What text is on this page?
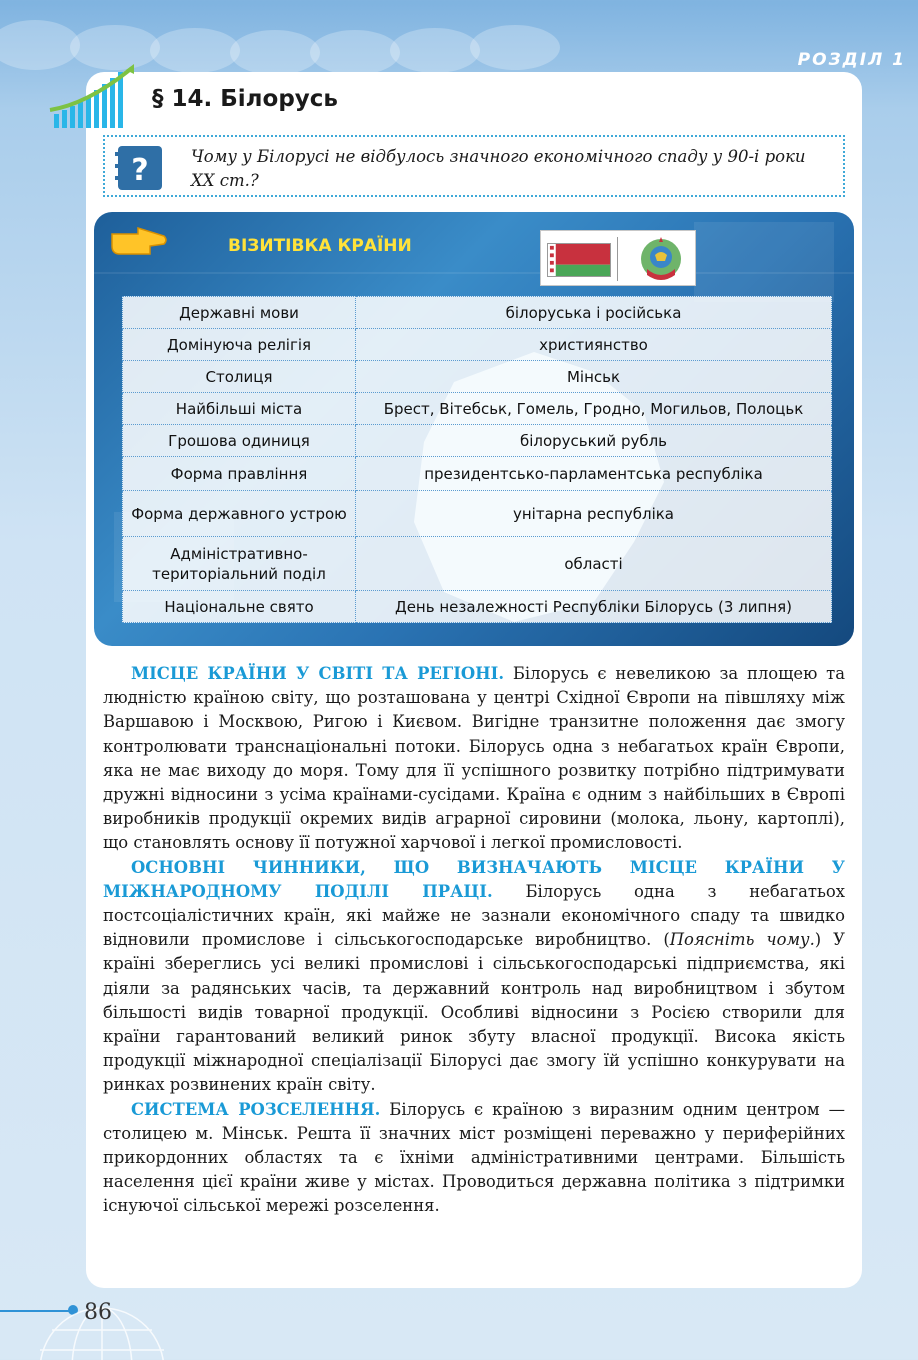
РОЗДІЛ 1
§ 14. Білорусь
?	Чому у Білорусі не відбулось значного економічного спаду у 90-і роки ХХ ст.?
ВІЗИТІВКА КРАЇНИ
Державні мови	білоруська і російська
Домінуюча релігія	християнство
Столиця	Мінськ
Найбільші міста	Брест, Вітебськ, Гомель, Гродно, Могильов, Полоцьк
Грошова одиниця	білоруський рубль
Форма правління	президентсько-парламентська республіка
Форма державного устрою	унітарна республіка
Адміністративно-територіальний поділ	області
Національне свято	День незалежності Республіки Білорусь (3 липня)

МІСЦЕ КРАЇНИ У СВІТІ ТА РЕГІОНІ. Білорусь є невеликою за площею та людністю країною світу, що розташована у центрі Східної Європи на півшляху між Варшавою і Москвою, Ригою і Києвом. Вигідне транзитне положення дає змогу контролювати транснаціональні потоки. Білорусь одна з небагатьох країн Європи, яка не має виходу до моря. Тому для її успішного розвитку потрібно підтримувати дружні відносини з усіма країнами-сусідами. Країна є одним з найбільших в Європі виробників продукції окремих видів аграрної сировини (молока, льону, картоплі), що становлять основу її потужної харчової і легкої промисловості.

ОСНОВНІ ЧИННИКИ, ЩО ВИЗНАЧАЮТЬ МІСЦЕ КРАЇНИ У МІЖНАРОДНОМУ ПОДІЛІ ПРАЦІ. Білорусь одна з небагатьох постсоціалістичних країн, які майже не зазнали економічного спаду та швидко відновили промислове і сільськогосподарське виробництво. (Поясніть чому.) У країні збереглись усі великі промислові і сільськогосподарські підприємства, які діяли за радянських часів, та державний контроль над виробництвом і збутом більшості видів товарної продукції. Особливі відносини з Росією створили для країни гарантований великий ринок збуту власної продукції. Висока якість продукції міжнародної спеціалізації Білорусі дає змогу їй успішно конкурувати на ринках розвинених країн світу.

СИСТЕМА РОЗСЕЛЕННЯ. Білорусь є країною з виразним одним центром — столицею м. Мінськ. Решта її значних міст розміщені переважно у периферійних прикордонних областях та є їхніми адміністративними центрами. Більшість населення цієї країни живе у містах. Проводиться державна політика з підтримки існуючої сільської мережі розселення.

86
